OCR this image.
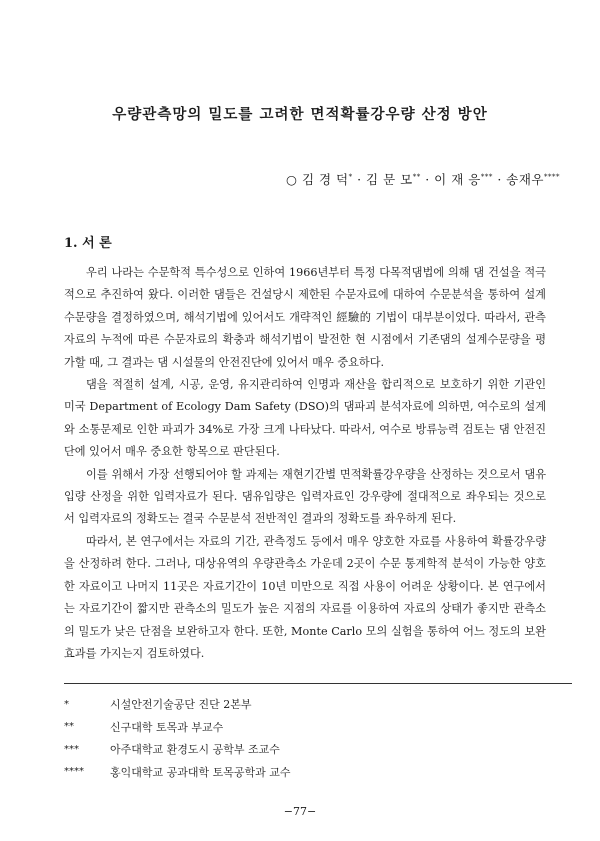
우량관측망의 밀도를 고려한 면적확률강우량 산정 방안
○ 김 경 덕* · 김 문 모** · 이 재 응*** · 송재우****
1. 서 론

우리 나라는 수문학적 특수성으로 인하여 1966년부터 특정 다목적댐법에 의해 댐 건설을 적극적으로 추진하여 왔다. 이러한 댐들은 건설당시 제한된 수문자료에 대하여 수문분석을 통하여 설계수문량을 결정하였으며, 해석기법에 있어서도 개략적인 經驗的 기법이 대부분이었다. 따라서, 관측자료의 누적에 따른 수문자료의 확충과 해석기법이 발전한 현 시점에서 기존댐의 설계수문량을 평가할 때, 그 결과는 댐 시설물의 안전진단에 있어서 매우 중요하다.

댐을 적절히 설계, 시공, 운영, 유지관리하여 인명과 재산을 합리적으로 보호하기 위한 기관인 미국 Department of Ecology Dam Safety (DSO)의 댐파괴 분석자료에 의하면, 여수로의 설계와 소통문제로 인한 파괴가 34%로 가장 크게 나타났다. 따라서, 여수로 방류능력 검토는 댐 안전진단에 있어서 매우 중요한 항목으로 판단된다.

이를 위해서 가장 선행되어야 할 과제는 재현기간별 면적확률강우량을 산정하는 것으로서 댐유입량 산정을 위한 입력자료가 된다. 댐유입량은 입력자료인 강우량에 절대적으로 좌우되는 것으로서 입력자료의 정확도는 결국 수문분석 전반적인 결과의 정확도를 좌우하게 된다.

따라서, 본 연구에서는 자료의 기간, 관측정도 등에서 매우 양호한 자료를 사용하여 확률강우량을 산정하려 한다. 그러나, 대상유역의 우량관측소 가운데 2곳이 수문 통계학적 분석이 가능한 양호한 자료이고 나머지 11곳은 자료기간이 10년 미만으로 직접 사용이 어려운 상황이다. 본 연구에서는 자료기간이 짧지만 관측소의 밀도가 높은 지점의 자료를 이용하여 자료의 상태가 좋지만 관측소의 밀도가 낮은 단점을 보완하고자 한다. 또한, Monte Carlo 모의 실험을 통하여 어느 정도의 보완 효과를 가지는지 검토하였다.

*	시설안전기술공단 진단 2본부
**	신구대학 토목과 부교수
***	아주대학교 환경도시 공학부 조교수
****	홍익대학교 공과대학 토목공학과 교수
−77−
